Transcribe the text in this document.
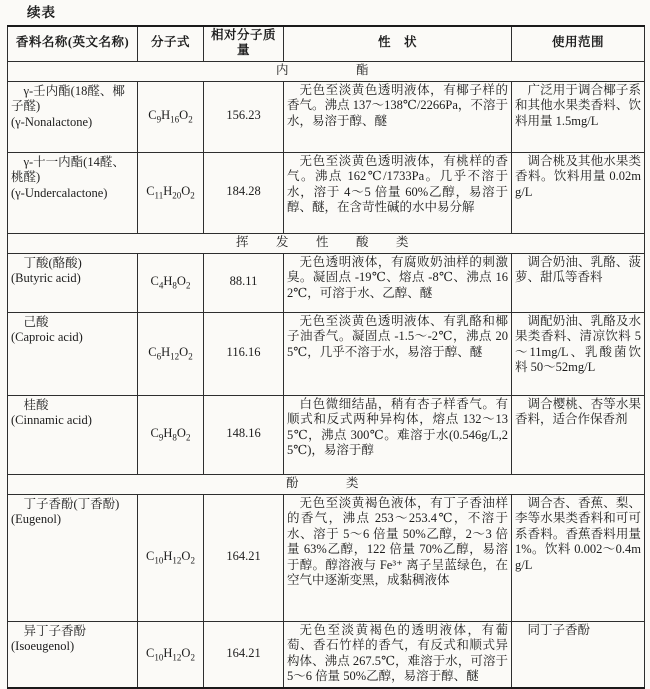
续表
香料名称(英文名称)	分子式	相对分子质量	性　状	使用范围
内　　　酯				

γ-壬内酯(18醛、椰子醛)
(γ-Nonalactone)	$C_9H_{16}O_2$	156.23	无色至淡黄色透明液体，有椰子样的香气。沸点 137～138℃/2266Pa，不溶于水，易溶于醇、醚	广泛用于调合椰子系和其他水果类香料、饮料用量 1.5mg/L

γ-十一内酯(14醛、桃醛)
(γ-Undercalactone)	$C_{11}H_{20}O_2$	184.28	无色至淡黄色透明液体，有桃样的香气。沸点 162℃/1733Pa。几乎不溶于水，溶于 4～5 倍量 60%乙醇，易溶于醇、醚，在含苛性碱的水中易分解	调合桃及其他水果类香料。饮料用量 0.02mg/L

挥　发　性　酸　类				

丁酸(酪酸)
(Butyric acid)	$C_4H_8O_2$	88.11	无色透明液体，有腐败奶油样的刺激臭。凝固点 -19℃、熔点 -8℃、沸点 162℃，可溶于水、乙醇、醚	调合奶油、乳酪、菠萝、甜瓜等香料

己酸
(Caproic acid)	$C_6H_{12}O_2$	116.16	无色至淡黄色透明液体、有乳酪和椰子油香气。凝固点 -1.5～-2℃，沸点 205℃，几乎不溶于水，易溶于醇、醚	调配奶油、乳酪及水果类香料、清凉饮料 5～11mg/L、乳酸菌饮料 50～52mg/L

桂酸
(Cinnamic acid)	$C_9H_8O_2$	148.16	白色微细结晶，稍有杏子样香气。有顺式和反式两种异构体，熔点 132～135℃，沸点 300℃。难溶于水(0.546g/L,25℃)，易溶于醇	调合樱桃、杏等水果香料，适合作保香剂

酚　　类				

丁子香酚(丁香酚)
(Eugenol)	$C_{10}H_{12}O_2$	164.21	无色至淡黄褐色液体，有丁子香油样的香气，沸点 253～253.4℃，不溶于水、溶于 5～6 倍量 50%乙醇，2～3 倍量 63%乙醇，122 倍量 70%乙醇，易溶于醇。醇溶液与 Fe³⁺ 离子呈蓝绿色，在空气中逐渐变黑，成黏稠液体	调合杏、香蕉、梨、李等水果类香料和可可系香料。香蕉香料用量 1%。饮料 0.002～0.4mg/L

异丁子香酚
(Isoeugenol)	$C_{10}H_{12}O_2$	164.21	无色至淡黄褐色的透明液体，有葡萄、香石竹样的香气，有反式和顺式异构体、沸点 267.5℃，难溶于水，可溶于 5～6 倍量 50%乙醇，易溶于醇、醚	同丁子香酚
